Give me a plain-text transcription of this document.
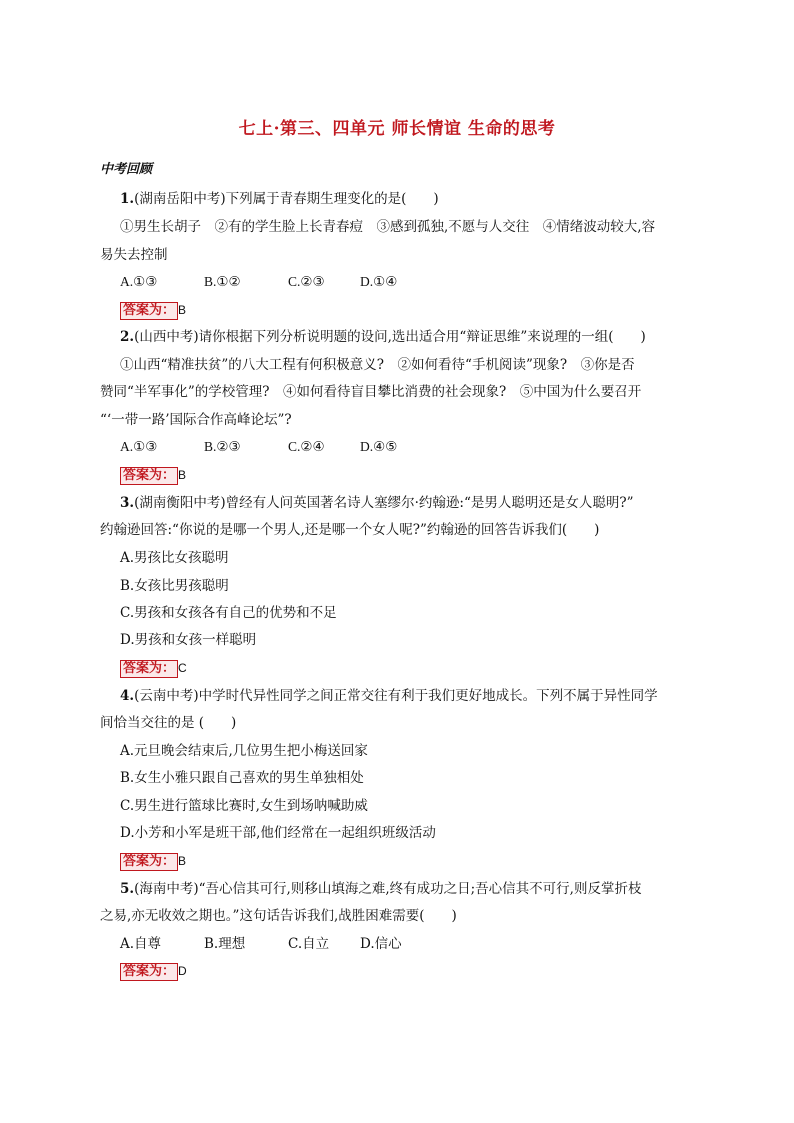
七上·第三、四单元 师长情谊 生命的思考
中考回顾
1.(湖南岳阳中考)下列属于青春期生理变化的是(　　)
①男生长胡子　②有的学生脸上长青春痘　③感到孤独,不愿与人交往　④情绪波动较大,容
易失去控制
A.①③	B.①②	C.②③	D.①④
答案为： B
2.(山西中考)请你根据下列分析说明题的设问,选出适合用“辩证思维”来说理的一组(　　)
①山西“精准扶贫”的八大工程有何积极意义?　②如何看待“手机阅读”现象?　③你是否
赞同“半军事化”的学校管理?　④如何看待盲目攀比消费的社会现象?　⑤中国为什么要召开
“‘一带一路’国际合作高峰论坛”?
A.①③	B.②③	C.②④	D.④⑤
答案为： B
3.(湖南衡阳中考)曾经有人问英国著名诗人塞缪尔·约翰逊:“是男人聪明还是女人聪明?”
约翰逊回答:“你说的是哪一个男人,还是哪一个女人呢?”约翰逊的回答告诉我们(　　)
A.男孩比女孩聪明
B.女孩比男孩聪明
C.男孩和女孩各有自己的优势和不足
D.男孩和女孩一样聪明
答案为： C
4.(云南中考)中学时代异性同学之间正常交往有利于我们更好地成长。下列不属于异性同学
间恰当交往的是 (　　)
A.元旦晚会结束后,几位男生把小梅送回家
B.女生小雅只跟自己喜欢的男生单独相处
C.男生进行篮球比赛时,女生到场呐喊助威
D.小芳和小军是班干部,他们经常在一起组织班级活动
答案为： B
5.(海南中考)“吾心信其可行,则移山填海之难,终有成功之日;吾心信其不可行,则反掌折枝
之易,亦无收效之期也。”这句话告诉我们,战胜困难需要(　　)
A.自尊	B.理想	C.自立 D.信心
答案为： D
